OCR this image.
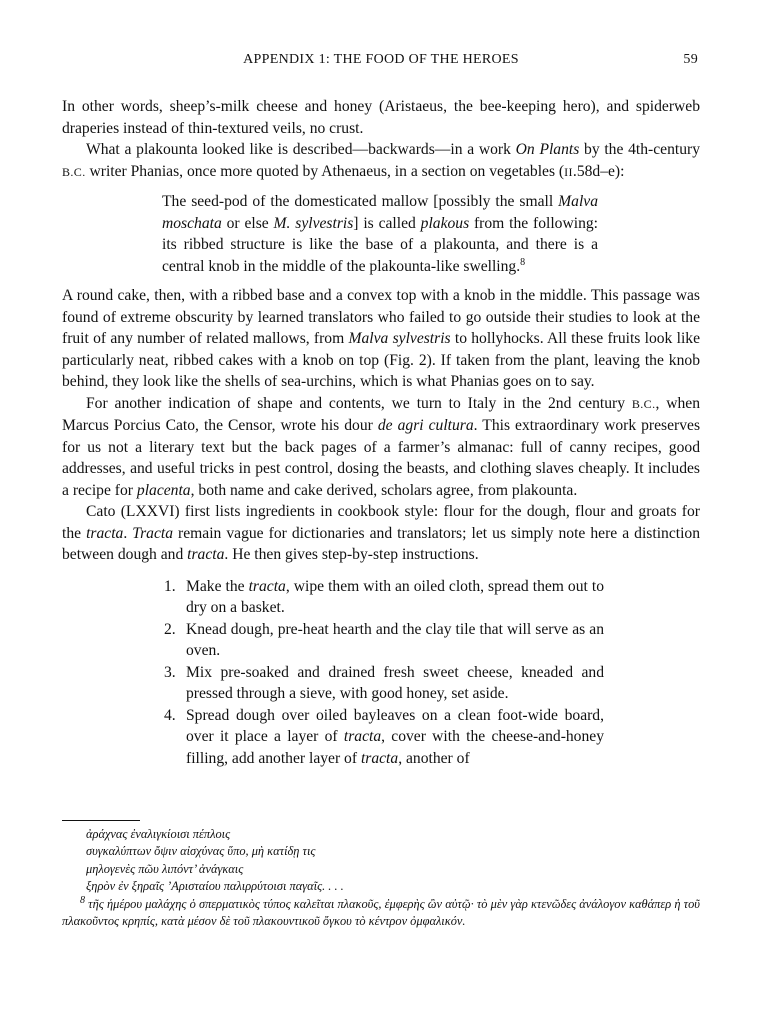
APPENDIX 1: THE FOOD OF THE HEROES	59

In other words, sheep’s-milk cheese and honey (Aristaeus, the bee-keeping hero), and spiderweb draperies instead of thin-textured veils, no crust.

What a plakounta looked like is described—backwards—in a work On Plants by the 4th-century B.C. writer Phanias, once more quoted by Athenaeus, in a section on vegetables (II.58d–e):

The seed-pod of the domesticated mallow [possibly the small Malva moschata or else M. sylvestris] is called plakous from the following: its ribbed structure is like the base of a plakounta, and there is a central knob in the middle of the plakounta-like swelling.$^8$

A round cake, then, with a ribbed base and a convex top with a knob in the middle. This passage was found of extreme obscurity by learned translators who failed to go outside their studies to look at the fruit of any number of related mallows, from Malva sylvestris to hollyhocks. All these fruits look like particularly neat, ribbed cakes with a knob on top (Fig. 2). If taken from the plant, leaving the knob behind, they look like the shells of sea-urchins, which is what Phanias goes on to say.

For another indication of shape and contents, we turn to Italy in the 2nd century B.C., when Marcus Porcius Cato, the Censor, wrote his dour de agri cultura. This extraordinary work preserves for us not a literary text but the back pages of a farmer’s almanac: full of canny recipes, good addresses, and useful tricks in pest control, dosing the beasts, and clothing slaves cheaply. It includes a recipe for placenta, both name and cake derived, scholars agree, from plakounta.

Cato (LXXVI) first lists ingredients in cookbook style: flour for the dough, flour and groats for the tracta. Tracta remain vague for dictionaries and translators; let us simply note here a distinction between dough and tracta. He then gives step-by-step instructions.

1. Make the tracta, wipe them with an oiled cloth, spread them out to dry on a basket.
2. Knead dough, pre-heat hearth and the clay tile that will serve as an oven.
3. Mix pre-soaked and drained fresh sweet cheese, kneaded and pressed through a sieve, with good honey, set aside.
4. Spread dough over oiled bayleaves on a clean foot-wide board, over it place a layer of tracta, cover with the cheese-and-honey filling, add another layer of tracta, another of
ἀράχνας ἐναλιγκίοισι πέπλοις
συγκαλύπτων ὄψιν αἰσχύνας ὕπο, μὴ κατίδῃ τις
μηλογενὲς πῶυ λιπόντ’ ἀνάγκαις
ξηρὸν ἐν ξηραῖς ’Αρισταίου παλιρρύτοισι παγαῖς. . . .
$^8$ τῆς ἡμέρου μαλάχης ὁ σπερματικὸς τύπος καλεῖται πλακοῦς, ἐμφερὴς ὢν αὐτῷ· τὸ μὲν γὰρ κτενῶδες ἀνάλογον καθάπερ ἡ τοῦ πλακοῦντος κρηπίς, κατὰ μέσον δὲ τοῦ πλακουντικοῦ ὄγκου τὸ κέντρον ὀμφαλικόν.
